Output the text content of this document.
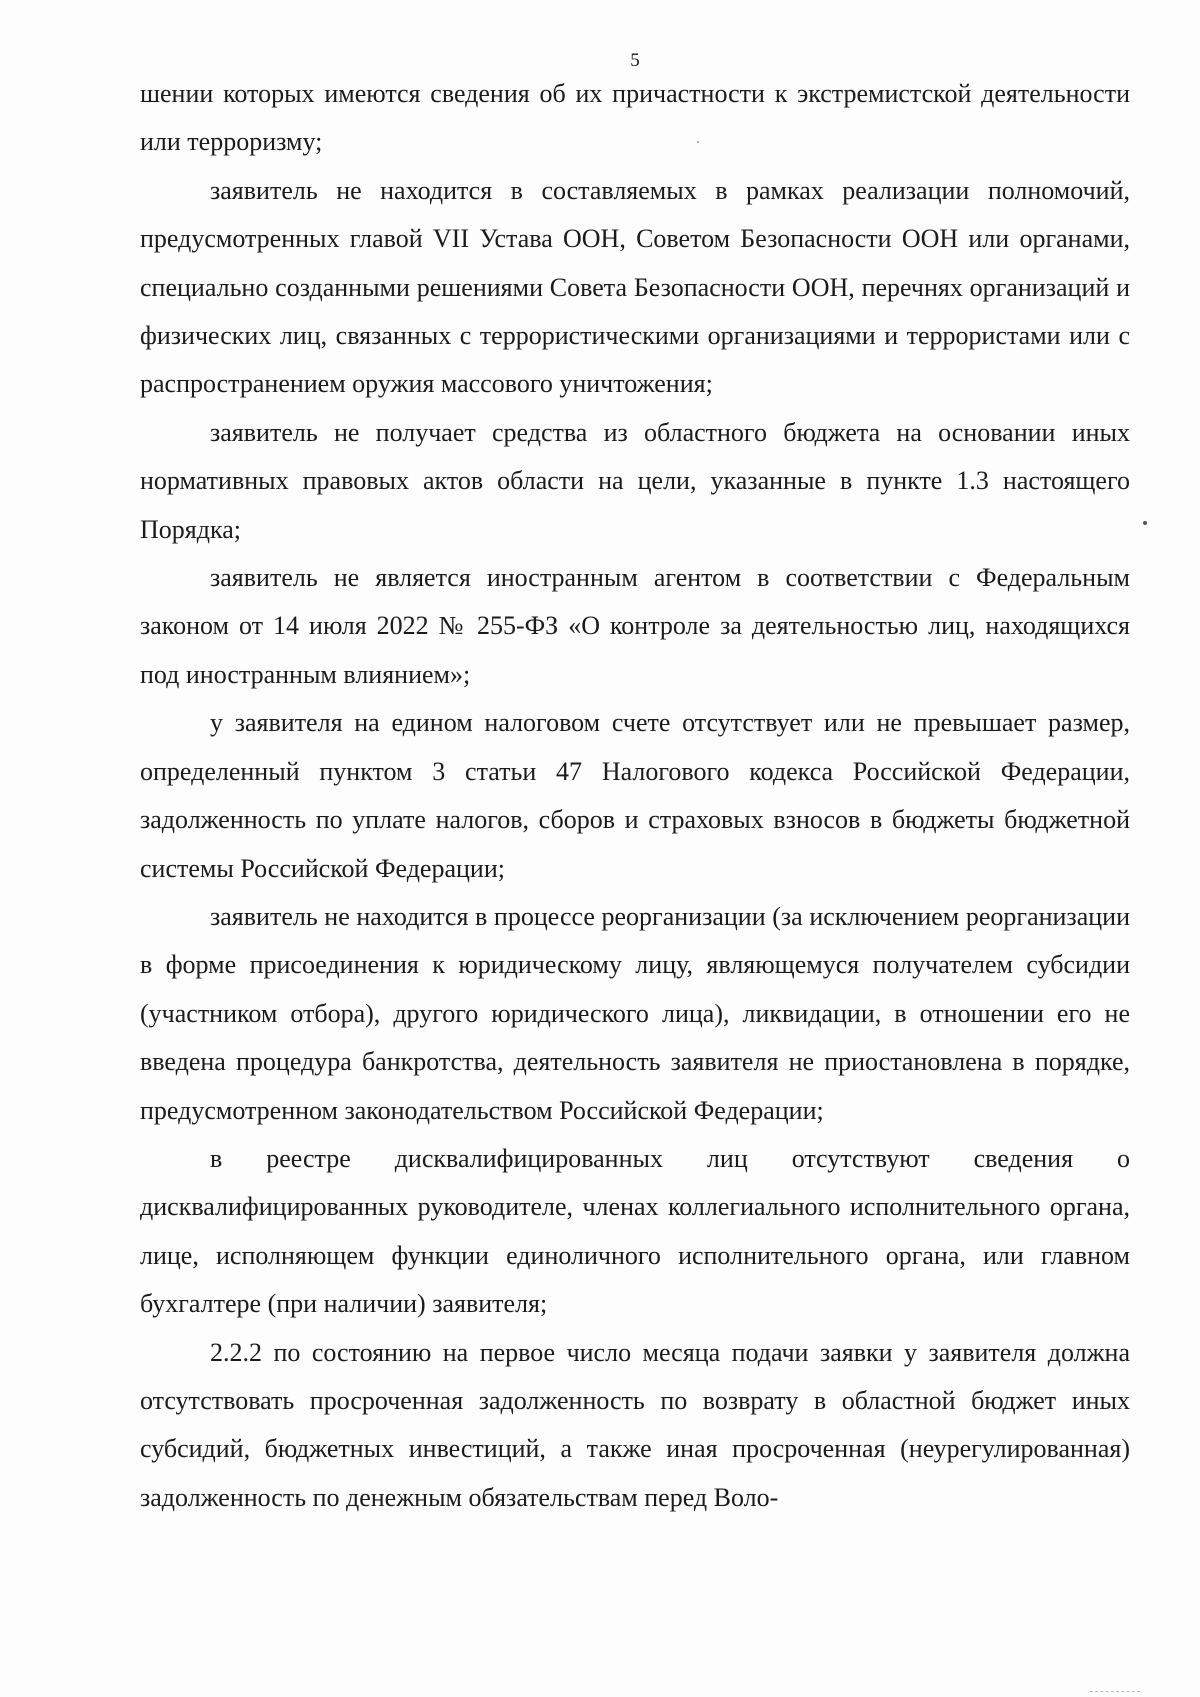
5

шении которых имеются сведения об их причастности к экстремистской деятельности или терроризму;

заявитель не находится в составляемых в рамках реализации полномочий, предусмотренных главой VII Устава ООН, Советом Безопасности ООН или органами, специально созданными решениями Совета Безопасности ООН, перечнях организаций и физических лиц, связанных с террористическими организациями и террористами или с распространением оружия массового уничтожения;

заявитель не получает средства из областного бюджета на основании иных нормативных правовых актов области на цели, указанные в пункте 1.3 настоящего Порядка;

заявитель не является иностранным агентом в соответствии с Федеральным законом от 14 июля 2022 № 255-ФЗ «О контроле за деятельностью лиц, находящихся под иностранным влиянием»;

у заявителя на едином налоговом счете отсутствует или не превышает размер, определенный пунктом 3 статьи 47 Налогового кодекса Российской Федерации, задолженность по уплате налогов, сборов и страховых взносов в бюджеты бюджетной системы Российской Федерации;

заявитель не находится в процессе реорганизации (за исключением реорганизации в форме присоединения к юридическому лицу, являющемуся получателем субсидии (участником отбора), другого юридического лица), ликвидации, в отношении его не введена процедура банкротства, деятельность заявителя не приостановлена в порядке, предусмотренном законодательством Российской Федерации;

в реестре дисквалифицированных лиц отсутствуют сведения о дисквалифицированных руководителе, членах коллегиального исполнительного органа, лице, исполняющем функции единоличного исполнительного органа, или главном бухгалтере (при наличии) заявителя;

2.2.2 по состоянию на первое число месяца подачи заявки у заявителя должна отсутствовать просроченная задолженность по возврату в областной бюджет иных субсидий, бюджетных инвестиций, а также иная просроченная (неурегулированная) задолженность по денежным обязательствам перед Воло-
